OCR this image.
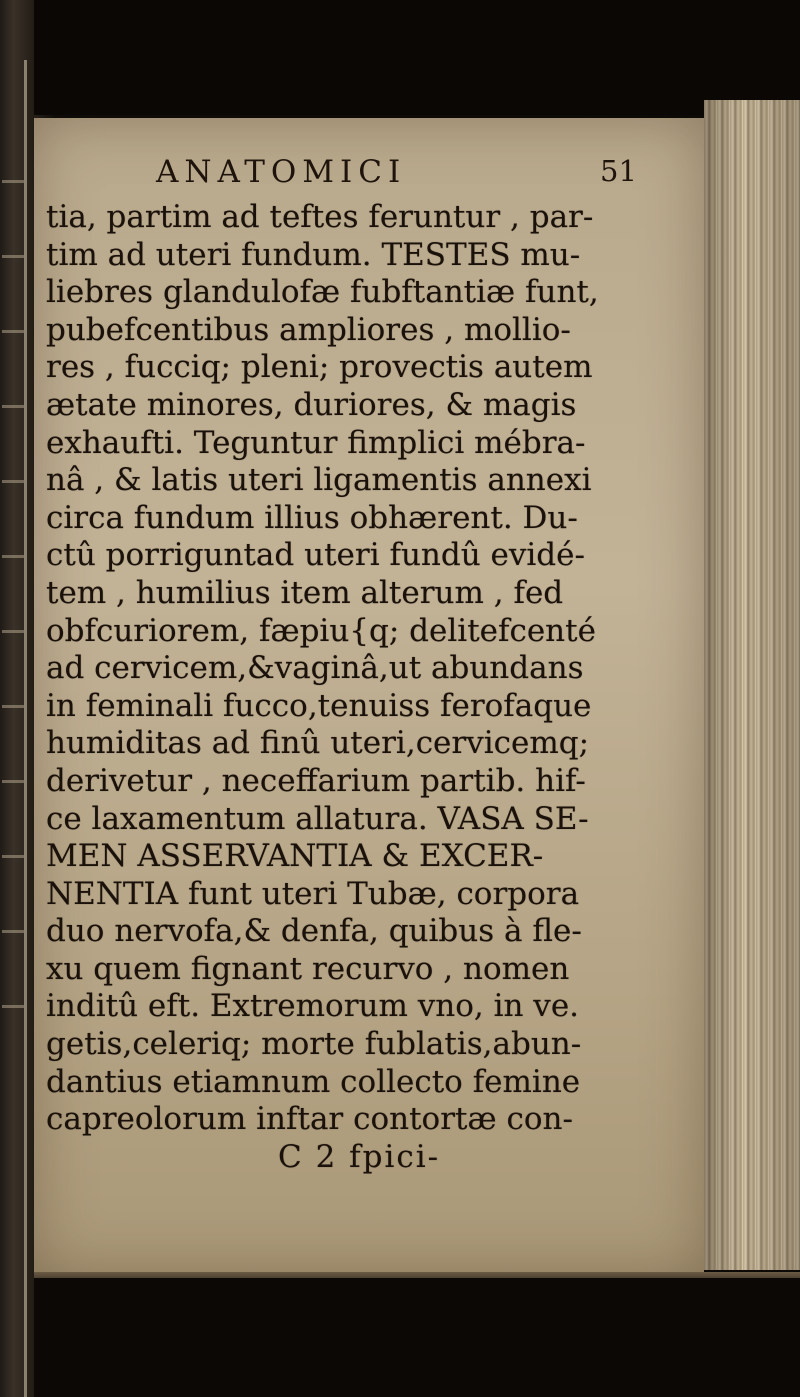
ANATOMICI	51
tia, partim ad teftes feruntur , par-
tim ad uteri fundum. TESTES mu-
liebres glandulofæ fubftantiæ funt,
pubefcentibus ampliores , mollio-
res , fucciq; pleni; provectis autem
ætate minores, duriores, & magis
exhaufti. Teguntur fimplici mébra-
nâ , & latis uteri ligamentis annexi
circa fundum illius obhærent. Du-
ctû porriguntad uteri fundû evidé-
tem , humilius item alterum , fed
obfcuriorem, fæpiu{q; delitefcenté
ad cervicem,&vaginâ,ut abundans
in feminali fucco,tenuiss ferofaque
humiditas ad finû uteri,cervicemq;
derivetur , neceffarium partib. hif-
ce laxamentum allatura. VASA SE-
MEN ASSERVANTIA & EXCER-
NENTIA funt uteri Tubæ, corpora
duo nervofa,& denfa, quibus à fle-
xu quem fignant recurvo , nomen
inditû eft. Extremorum vno, in ve.
getis,celeriq; morte fublatis,abun-
dantius etiamnum collecto femine
capreolorum inftar contortæ con-
C 2 fpici-
